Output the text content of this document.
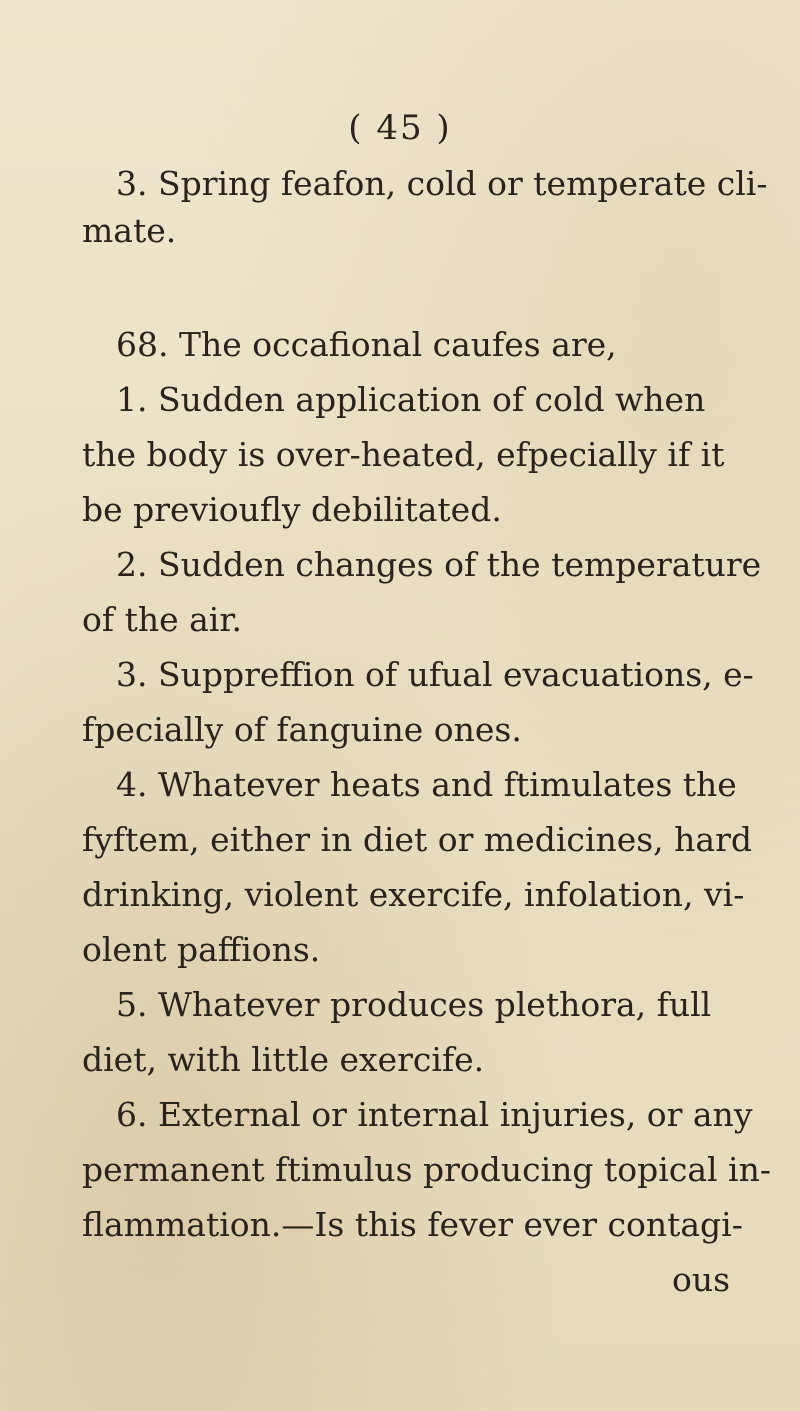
( 45 )
3. Spring feafon, cold or temperate cli-
mate.
68. The occafional caufes are,
1. Sudden application of cold when
the body is over-heated, efpecially if it
be previoufly debilitated.
2. Sudden changes of the temperature
of the air.
3. Suppreffion of ufual evacuations, e-
fpecially of fanguine ones.
4. Whatever heats and ftimulates the
fyftem, either in diet or medicines, hard
drinking, violent exercife, infolation, vi-
olent paffions.
5. Whatever produces plethora, full
diet, with little exercife.
6. External or internal injuries, or any
permanent ftimulus producing topical in-
flammation.—Is this fever ever contagi-
ous
